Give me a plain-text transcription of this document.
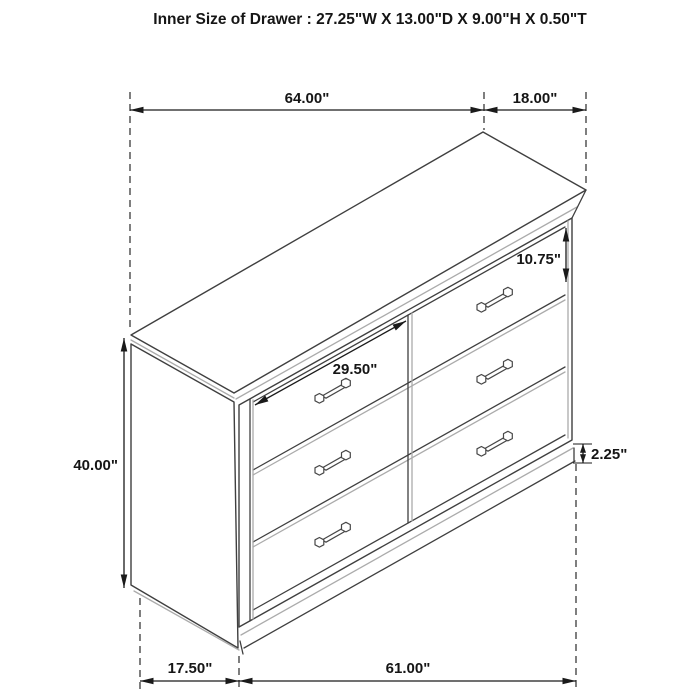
Inner Size of Drawer : 27.25"W X 13.00"D X 9.00"H X 0.50"T
64.00"	18.00"
10.75"
29.50"
40.00"
2.25"
17.50"	61.00"
